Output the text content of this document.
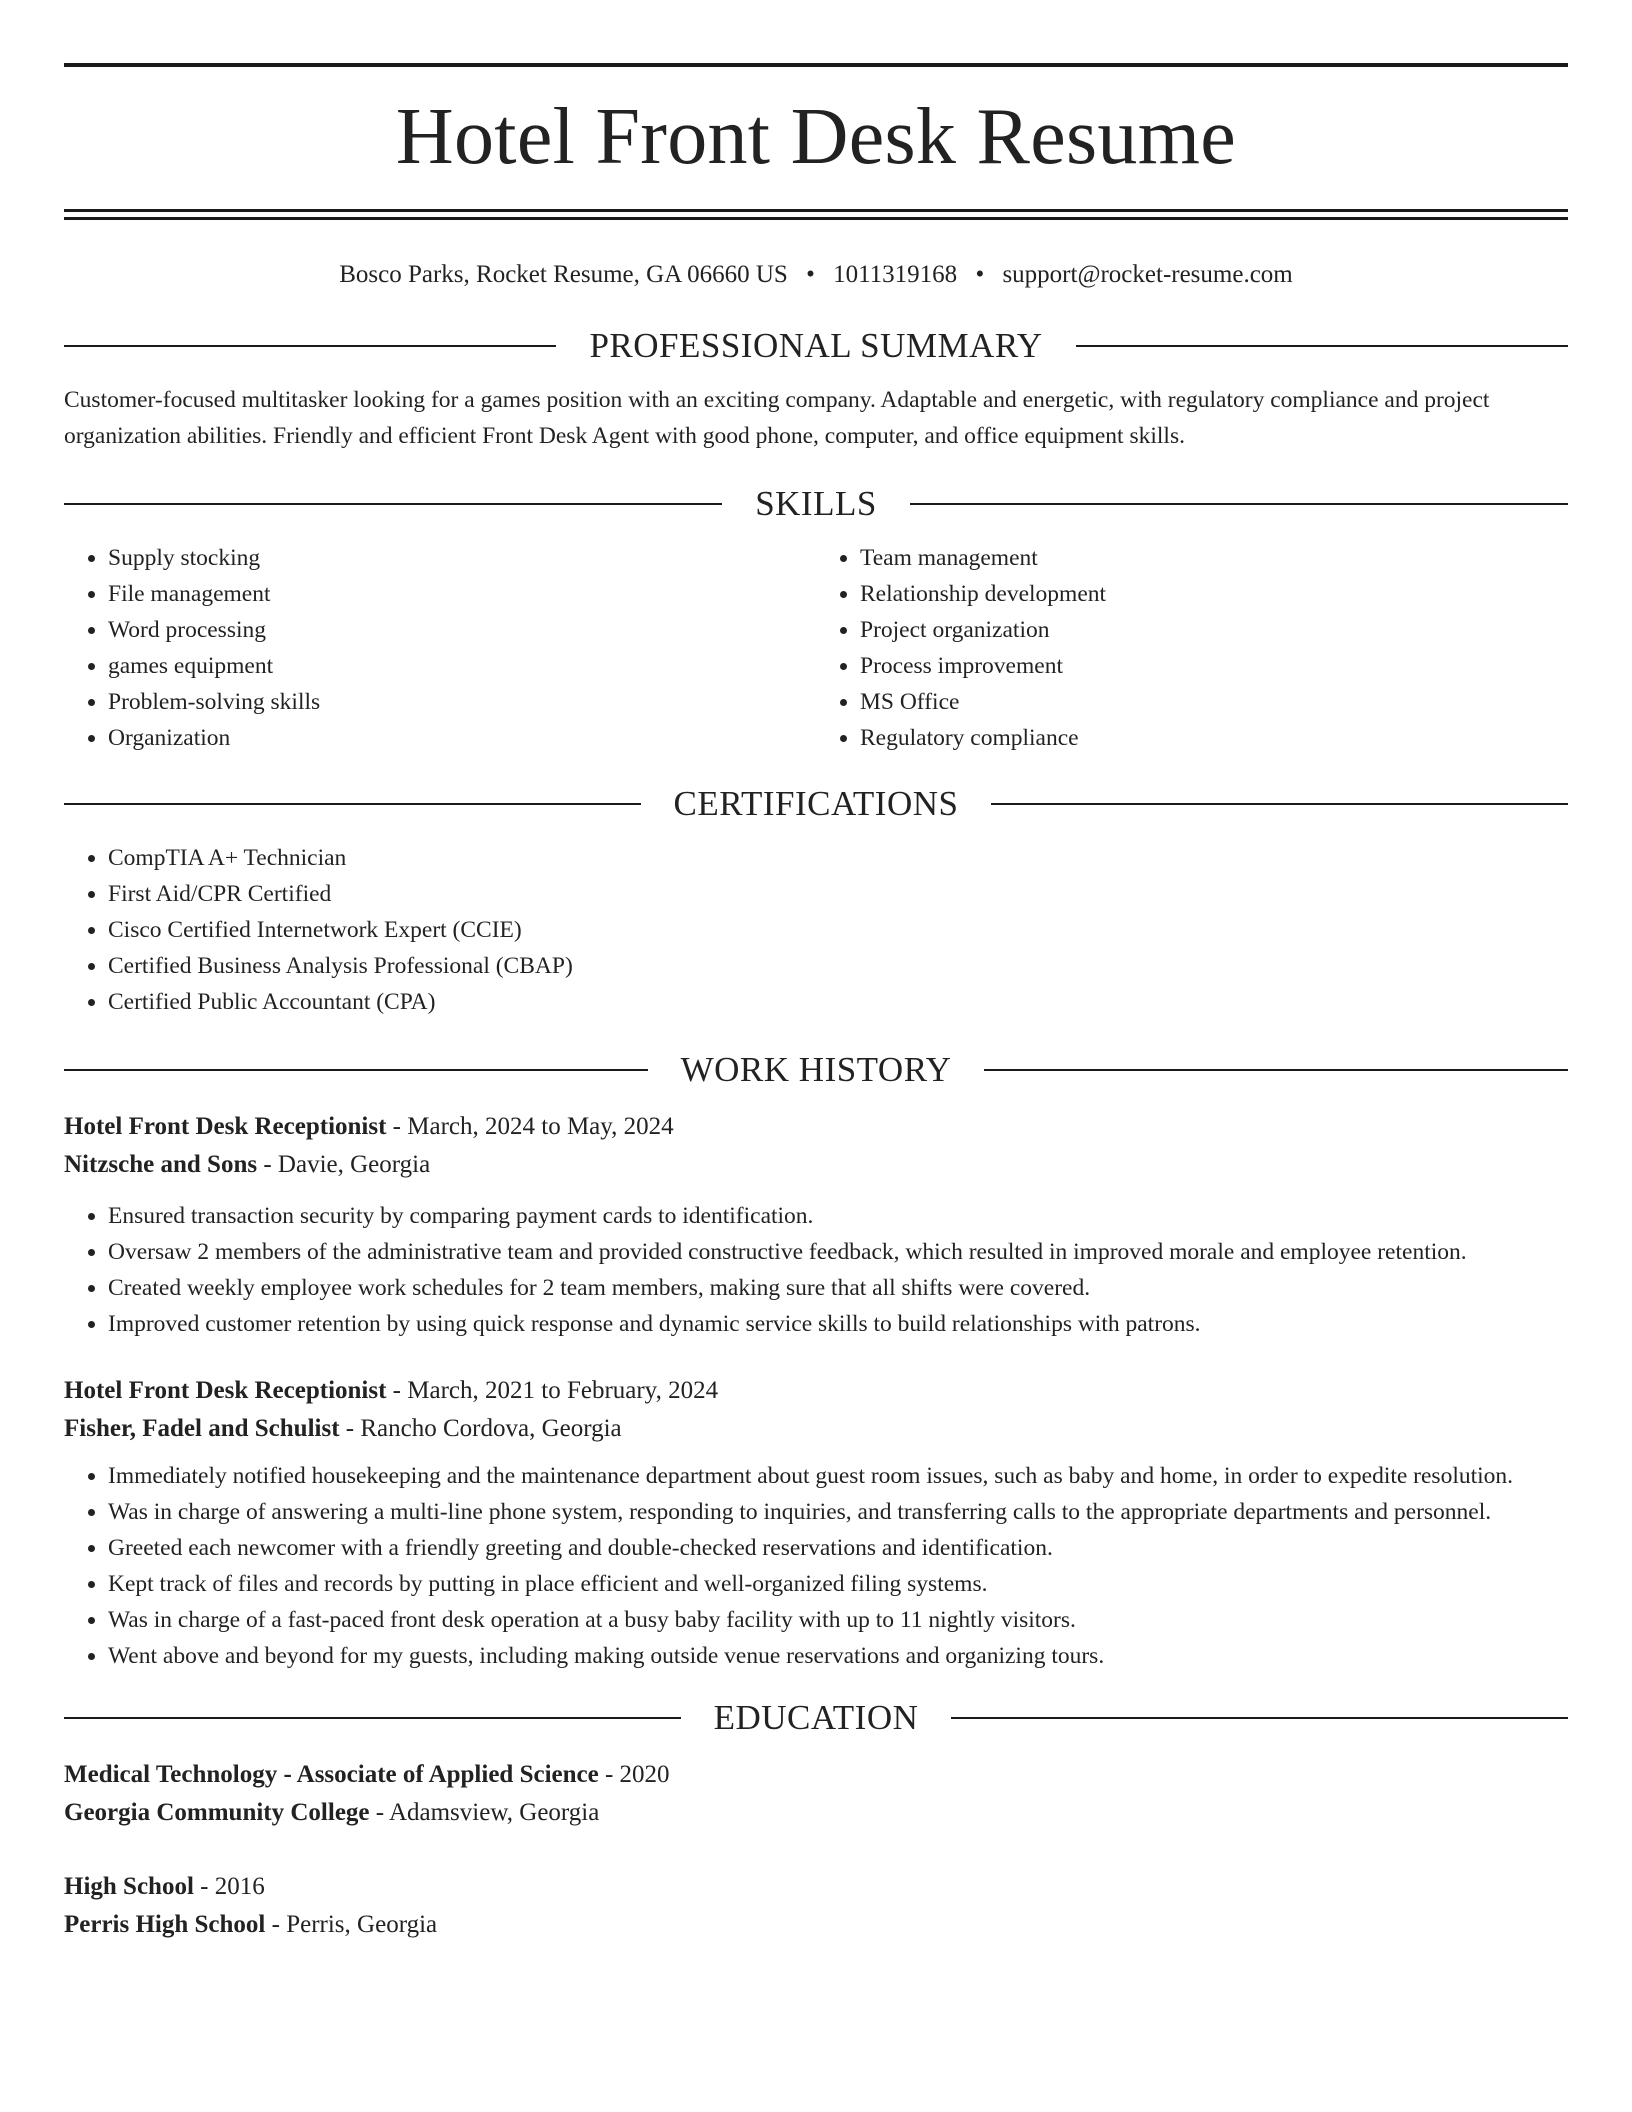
Hotel Front Desk Resume
Bosco Parks, Rocket Resume, GA 06660 US • 1011319168 • support@rocket-resume.com
PROFESSIONAL SUMMARY
Customer-focused multitasker looking for a games position with an exciting company. Adaptable and energetic, with regulatory compliance and project organization abilities. Friendly and efficient Front Desk Agent with good phone, computer, and office equipment skills.
SKILLS
• Supply stocking
• File management
• Word processing
• games equipment
• Problem-solving skills
• Organization
• Team management
• Relationship development
• Project organization
• Process improvement
• MS Office
• Regulatory compliance
CERTIFICATIONS
• CompTIA A+ Technician
• First Aid/CPR Certified
• Cisco Certified Internetwork Expert (CCIE)
• Certified Business Analysis Professional (CBAP)
• Certified Public Accountant (CPA)
WORK HISTORY
Hotel Front Desk Receptionist - March, 2024 to May, 2024
Nitzsche and Sons - Davie, Georgia
• Ensured transaction security by comparing payment cards to identification.
• Oversaw 2 members of the administrative team and provided constructive feedback, which resulted in improved morale and employee retention.
• Created weekly employee work schedules for 2 team members, making sure that all shifts were covered.
• Improved customer retention by using quick response and dynamic service skills to build relationships with patrons.
Hotel Front Desk Receptionist - March, 2021 to February, 2024
Fisher, Fadel and Schulist - Rancho Cordova, Georgia
• Immediately notified housekeeping and the maintenance department about guest room issues, such as baby and home, in order to expedite resolution.
• Was in charge of answering a multi-line phone system, responding to inquiries, and transferring calls to the appropriate departments and personnel.
• Greeted each newcomer with a friendly greeting and double-checked reservations and identification.
• Kept track of files and records by putting in place efficient and well-organized filing systems.
• Was in charge of a fast-paced front desk operation at a busy baby facility with up to 11 nightly visitors.
• Went above and beyond for my guests, including making outside venue reservations and organizing tours.
EDUCATION
Medical Technology - Associate of Applied Science - 2020
Georgia Community College - Adamsview, Georgia
High School - 2016
Perris High School - Perris, Georgia
